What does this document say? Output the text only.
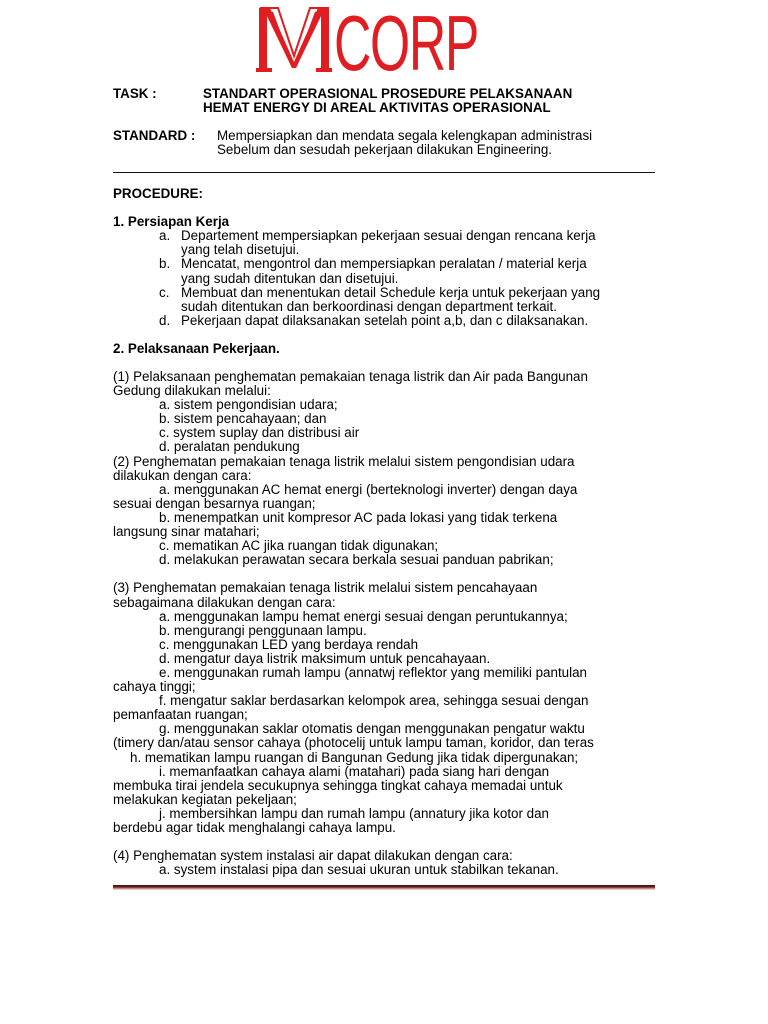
CORP
TASK :	STANDART OPERASIONAL PROSEDURE PELAKSANAAN
HEMAT ENERGY DI AREAL AKTIVITAS OPERASIONAL
STANDARD : Mempersiapkan dan mendata segala kelengkapan administrasi
Sebelum dan sesudah pekerjaan dilakukan Engineering.
PROCEDURE:
1. Persiapan Kerja
a. Departement mempersiapkan pekerjaan sesuai dengan rencana kerja
yang telah disetujui.
b. Mencatat, mengontrol dan mempersiapkan peralatan / material kerja
yang sudah ditentukan dan disetujui.
c. Membuat dan menentukan detail Schedule kerja untuk pekerjaan yang
sudah ditentukan dan berkoordinasi dengan department terkait.
d. Pekerjaan dapat dilaksanakan setelah point a,b, dan c dilaksanakan.
2. Pelaksanaan Pekerjaan.
(1) Pelaksanaan penghematan pemakaian tenaga listrik dan Air pada Bangunan
Gedung dilakukan melalui:
a. sistem pengondisian udara;
b. sistem pencahayaan; dan
c. system suplay dan distribusi air
d. peralatan pendukung
(2) Penghematan pemakaian tenaga listrik melalui sistem pengondisian udara
dilakukan dengan cara:
a. menggunakan AC hemat energi (berteknologi inverter) dengan daya
sesuai dengan besarnya ruangan;
b. menempatkan unit kompresor AC pada lokasi yang tidak terkena
langsung sinar matahari;
c. mematikan AC jika ruangan tidak digunakan;
d. melakukan perawatan secara berkala sesuai panduan pabrikan;
(3) Penghematan pemakaian tenaga listrik melalui sistem pencahayaan
sebagaimana dilakukan dengan cara:
a. menggunakan lampu hemat energi sesuai dengan peruntukannya;
b. mengurangi penggunaan lampu.
c. menggunakan LED yang berdaya rendah
d. mengatur daya listrik maksimum untuk pencahayaan.
e. menggunakan rumah lampu (annatwj reflektor yang memiliki pantulan
cahaya tinggi;
f. mengatur saklar berdasarkan kelompok area, sehingga sesuai dengan
pemanfaatan ruangan;
g. menggunakan saklar otomatis dengan menggunakan pengatur waktu
(timery dan/atau sensor cahaya (photocelij untuk lampu taman, koridor, dan teras
h. mematikan lampu ruangan di Bangunan Gedung jika tidak dipergunakan;
i. memanfaatkan cahaya alami (matahari) pada siang hari dengan
membuka tirai jendela secukupnya sehingga tingkat cahaya memadai untuk
melakukan kegiatan pekeljaan;
j. membersihkan lampu dan rumah lampu (annatury jika kotor dan
berdebu agar tidak menghalangi cahaya lampu.
(4) Penghematan system instalasi air dapat dilakukan dengan cara:
a. system instalasi pipa dan sesuai ukuran untuk stabilkan tekanan.
